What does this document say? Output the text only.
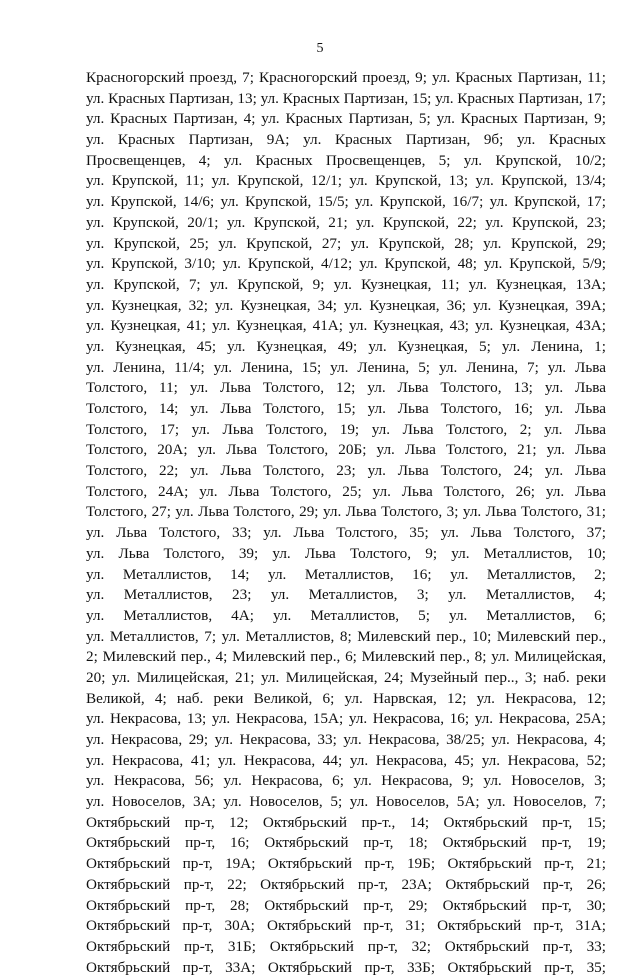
5
Красногорский проезд, 7; Красногорский проезд, 9; ул. Красных Партизан, 11;
ул. Красных Партизан, 13; ул. Красных Партизан, 15; ул. Красных Партизан, 17;
ул. Красных Партизан, 4; ул. Красных Партизан, 5; ул. Красных Партизан, 9;
ул. Красных Партизан, 9А; ул. Красных Партизан, 9б; ул. Красных
Просвещенцев, 4; ул. Красных Просвещенцев, 5; ул. Крупской, 10/2;
ул. Крупской, 11; ул. Крупской, 12/1; ул. Крупской, 13; ул. Крупской, 13/4;
ул. Крупской, 14/6; ул. Крупской, 15/5; ул. Крупской, 16/7; ул. Крупской, 17;
ул. Крупской, 20/1; ул. Крупской, 21; ул. Крупской, 22; ул. Крупской, 23;
ул. Крупской, 25; ул. Крупской, 27; ул. Крупской, 28; ул. Крупской, 29;
ул. Крупской, 3/10; ул. Крупской, 4/12; ул. Крупской, 48; ул. Крупской, 5/9;
ул. Крупской, 7; ул. Крупской, 9; ул. Кузнецкая, 11; ул. Кузнецкая, 13А;
ул. Кузнецкая, 32; ул. Кузнецкая, 34; ул. Кузнецкая, 36; ул. Кузнецкая, 39А;
ул. Кузнецкая, 41; ул. Кузнецкая, 41А; ул. Кузнецкая, 43; ул. Кузнецкая, 43А;
ул. Кузнецкая, 45; ул. Кузнецкая, 49; ул. Кузнецкая, 5; ул. Ленина, 1;
ул. Ленина, 11/4; ул. Ленина, 15; ул. Ленина, 5; ул. Ленина, 7; ул. Льва
Толстого, 11; ул. Льва Толстого, 12; ул. Льва Толстого, 13; ул. Льва
Толстого, 14; ул. Льва Толстого, 15; ул. Льва Толстого, 16; ул. Льва
Толстого, 17; ул. Льва Толстого, 19; ул. Льва Толстого, 2; ул. Льва
Толстого, 20А; ул. Льва Толстого, 20Б; ул. Льва Толстого, 21; ул. Льва
Толстого, 22; ул. Льва Толстого, 23; ул. Льва Толстого, 24; ул. Льва
Толстого, 24А; ул. Льва Толстого, 25; ул. Льва Толстого, 26; ул. Льва
Толстого, 27; ул. Льва Толстого, 29; ул. Льва Толстого, 3; ул. Льва Толстого, 31;
ул. Льва Толстого, 33; ул. Льва Толстого, 35; ул. Льва Толстого, 37;
ул. Льва Толстого, 39; ул. Льва Толстого, 9; ул. Металлистов, 10;
ул. Металлистов, 14; ул. Металлистов, 16; ул. Металлистов, 2;
ул. Металлистов, 23; ул. Металлистов, 3; ул. Металлистов, 4;
ул. Металлистов, 4А; ул. Металлистов, 5; ул. Металлистов, 6;
ул. Металлистов, 7; ул. Металлистов, 8; Милевский пер., 10; Милевский пер.,
2; Милевский пер., 4; Милевский пер., 6; Милевский пер., 8; ул. Милицейская,
20; ул. Милицейская, 21; ул. Милицейская, 24; Музейный пер.., 3; наб. реки
Великой, 4; наб. реки Великой, 6; ул. Нарвская, 12; ул. Некрасова, 12;
ул. Некрасова, 13; ул. Некрасова, 15А; ул. Некрасова, 16; ул. Некрасова, 25А;
ул. Некрасова, 29; ул. Некрасова, 33; ул. Некрасова, 38/25; ул. Некрасова, 4;
ул. Некрасова, 41; ул. Некрасова, 44; ул. Некрасова, 45; ул. Некрасова, 52;
ул. Некрасова, 56; ул. Некрасова, 6; ул. Некрасова, 9; ул. Новоселов, 3;
ул. Новоселов, 3А; ул. Новоселов, 5; ул. Новоселов, 5А; ул. Новоселов, 7;
Октябрьский пр-т, 12; Октябрьский пр-т., 14; Октябрьский пр-т, 15;
Октябрьский пр-т, 16; Октябрьский пр-т, 18; Октябрьский пр-т, 19;
Октябрьский пр-т, 19А; Октябрьский пр-т, 19Б; Октябрьский пр-т, 21;
Октябрьский пр-т, 22; Октябрьский пр-т, 23А; Октябрьский пр-т, 26;
Октябрьский пр-т, 28; Октябрьский пр-т, 29; Октябрьский пр-т, 30;
Октябрьский пр-т, 30А; Октябрьский пр-т, 31; Октябрьский пр-т, 31А;
Октябрьский пр-т, 31Б; Октябрьский пр-т, 32; Октябрьский пр-т, 33;
Октябрьский пр-т, 33А; Октябрьский пр-т, 33Б; Октябрьский пр-т, 35;
